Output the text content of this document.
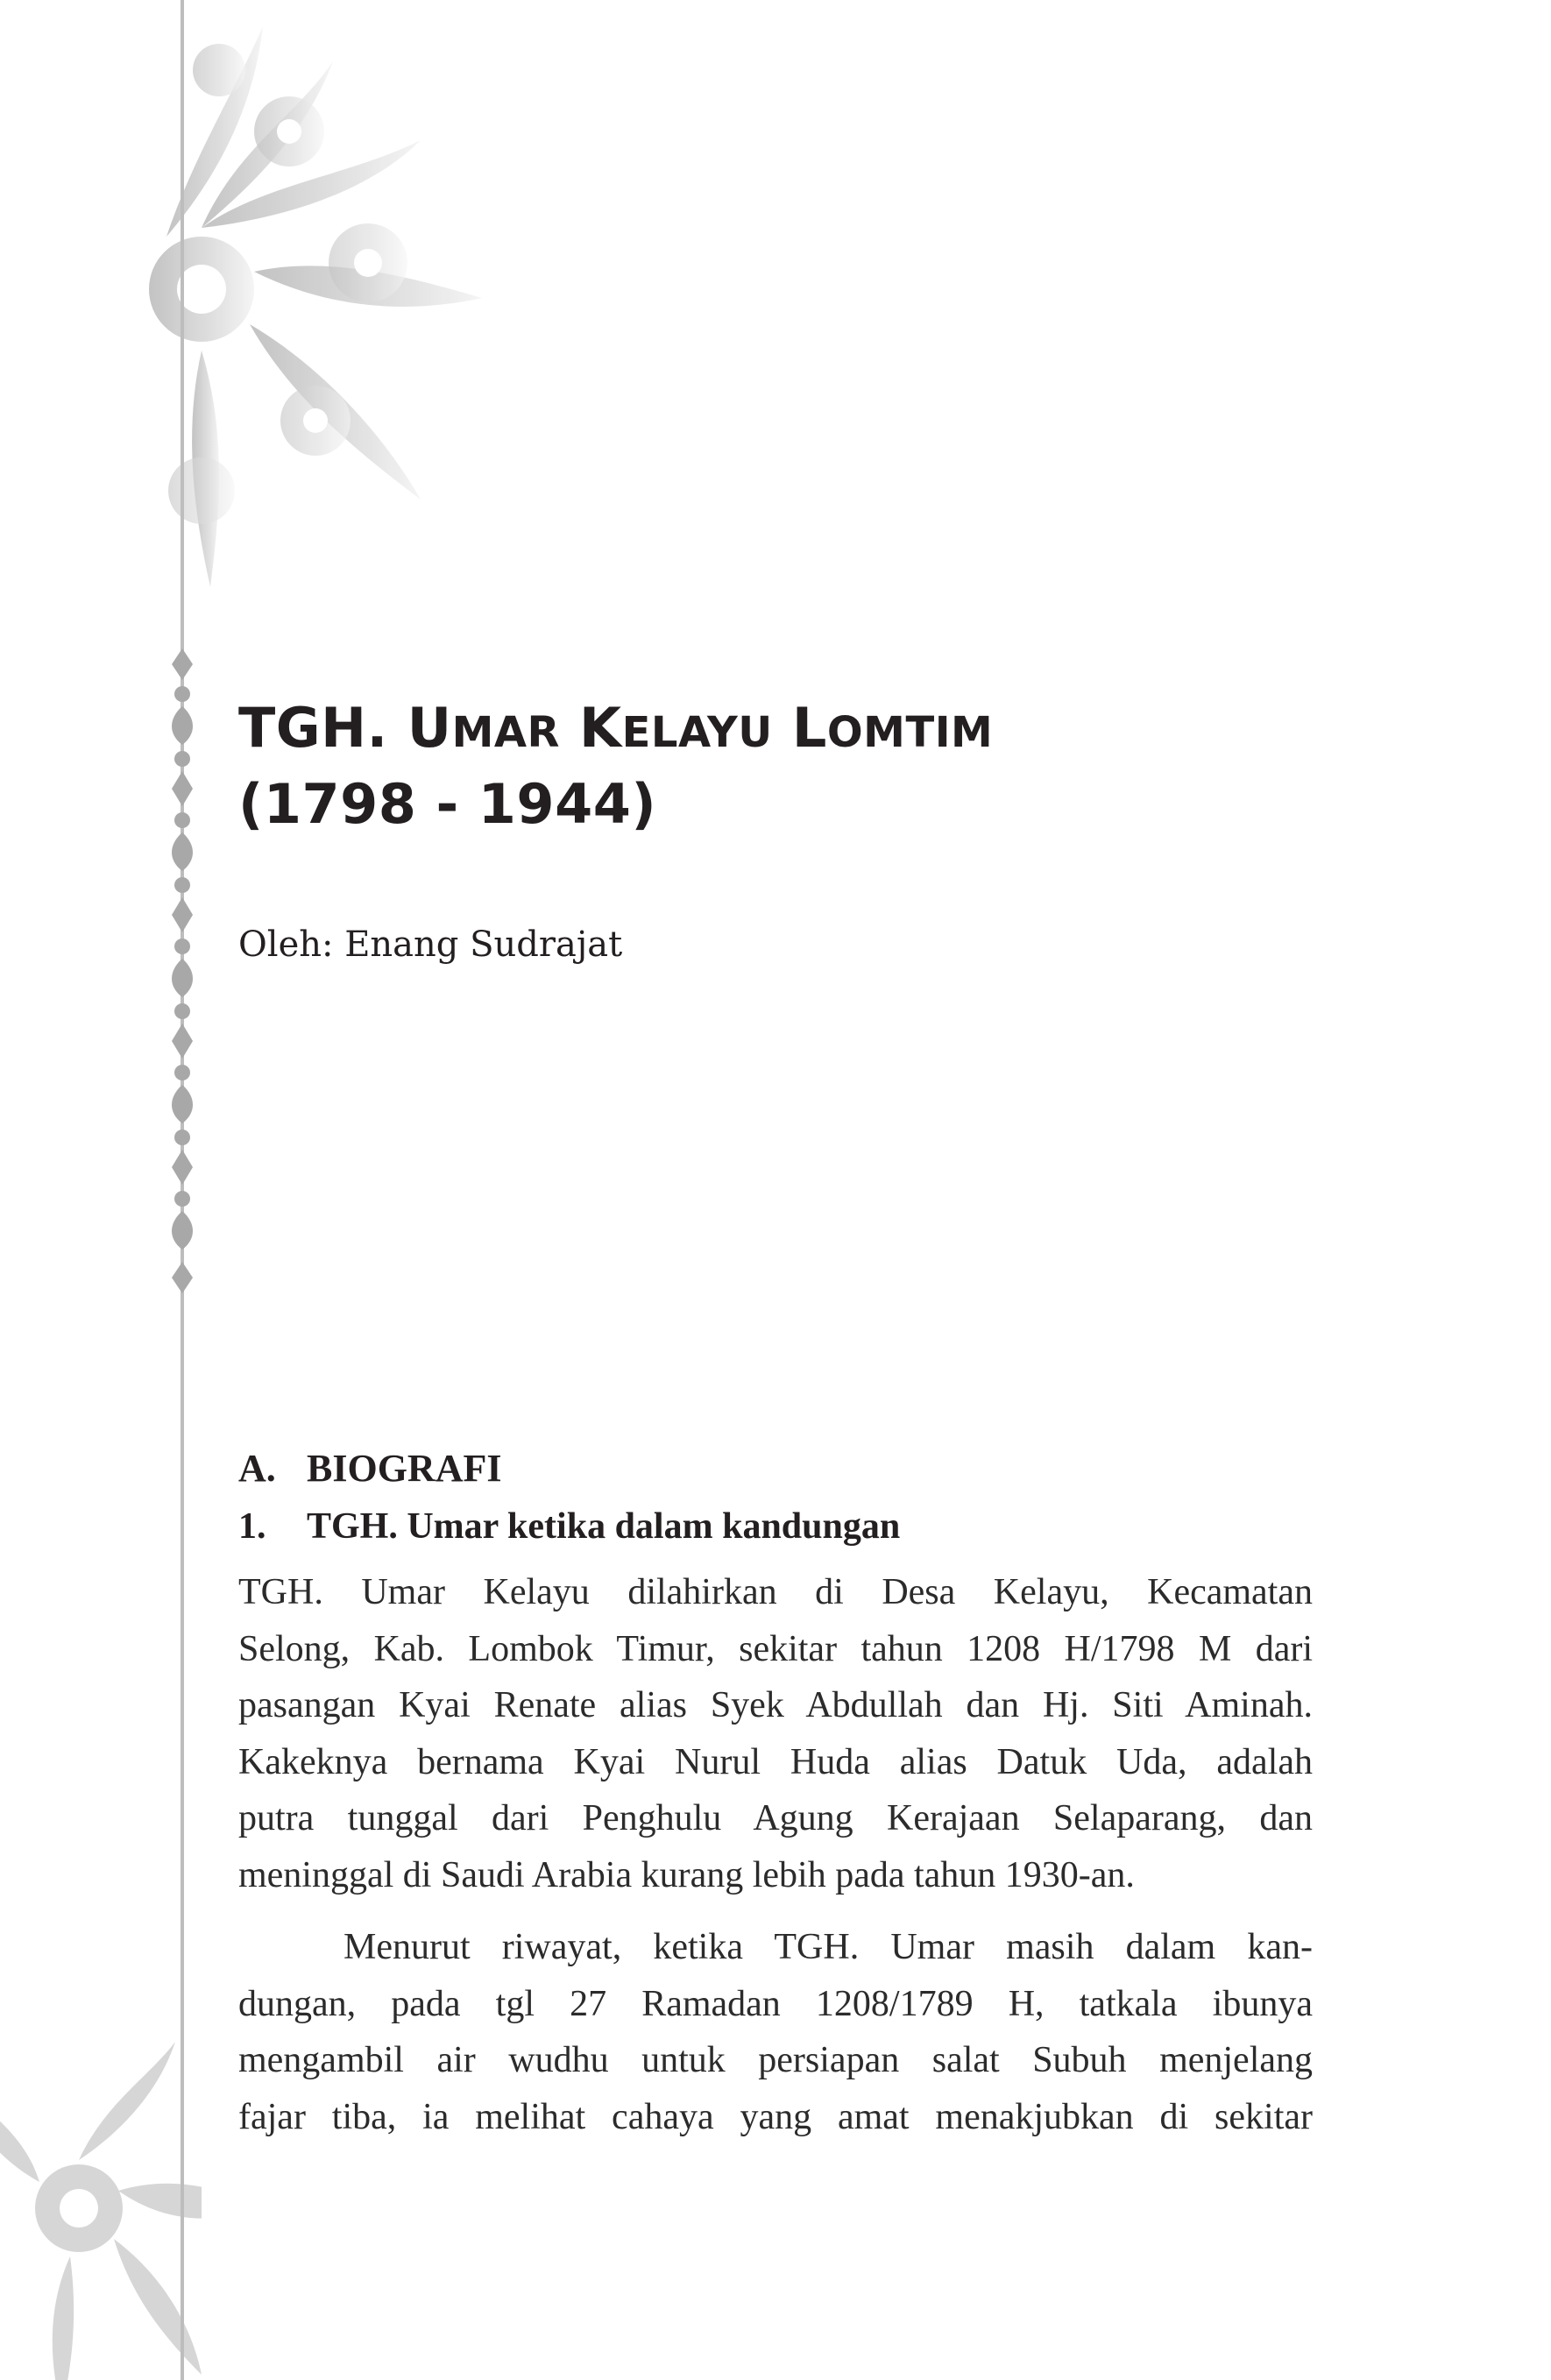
TGH. UMAR KELAYU LOMTIM
(1798 - 1944)

Oleh: Enang Sudrajat

A. BIOGRAFI
1. TGH. Umar ketika dalam kandungan
TGH. Umar Kelayu dilahirkan di Desa Kelayu, Kecamatan
Selong, Kab. Lombok Timur, sekitar tahun 1208 H/1798 M dari
pasangan Kyai Renate alias Syek Abdullah dan Hj. Siti Aminah.
Kakeknya bernama Kyai Nurul Huda alias Datuk Uda, adalah
putra tunggal dari Penghulu Agung Kerajaan Selaparang, dan
meninggal di Saudi Arabia kurang lebih pada tahun 1930-an.
Menurut riwayat, ketika TGH. Umar masih dalam kan-
dungan, pada tgl 27 Ramadan 1208/1789 H, tatkala ibunya
mengambil air wudhu untuk persiapan salat Subuh menjelang
fajar tiba, ia melihat cahaya yang amat menakjubkan di sekitar
